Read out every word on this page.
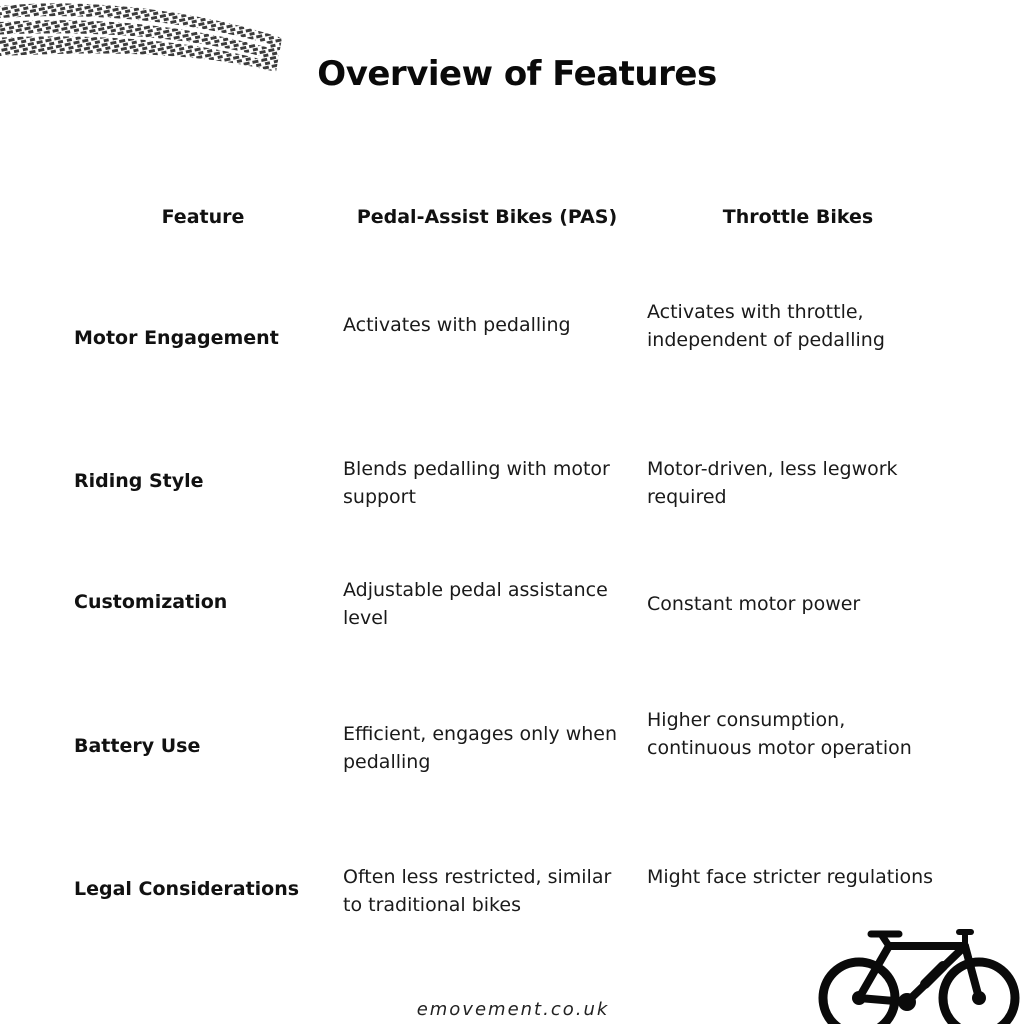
Overview of Features
Feature	Pedal-Assist Bikes (PAS)	Throttle Bikes
Motor Engagement
Activates with pedalling
Activates with throttle,
independent of pedalling
Riding Style
Blends pedalling with motor
support
Motor-driven, less legwork
required
Customization
Adjustable pedal assistance
level
Constant motor power
Battery Use
Efficient, engages only when
pedalling
Higher consumption,
continuous motor operation
Legal Considerations
Often less restricted, similar
to traditional bikes
Might face stricter regulations
emovement.co.uk
